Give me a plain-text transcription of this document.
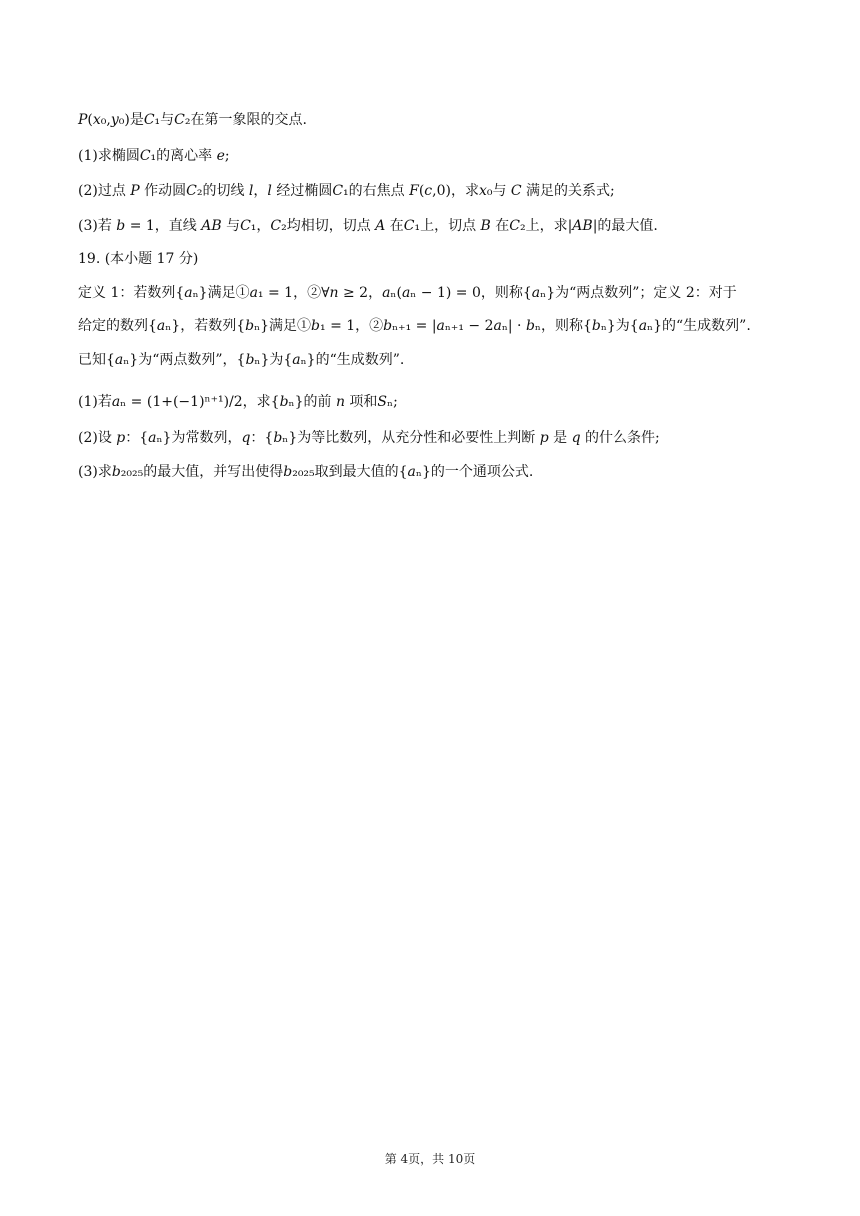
𝑃(𝑥₀,𝑦₀)是𝐶₁与𝐶₂在第一象限的交点.
(1)求椭圆𝐶₁的离心率 𝑒;
(2)过点 𝑃 作动圆𝐶₂的切线 𝑙，𝑙 经过椭圆𝐶₁的右焦点 𝐹(𝑐,0)，求𝑥₀与 𝐶 满足的关系式;
(3)若 𝑏 = 1，直线 𝐴𝐵 与𝐶₁，𝐶₂均相切，切点 𝐴 在𝐶₁上，切点 𝐵 在𝐶₂上，求|𝐴𝐵|的最大值.
19. (本小题 17 分)
定义 1：若数列{𝑎ₙ}满足①𝑎₁ = 1，②∀𝑛 ≥ 2，𝑎ₙ(𝑎ₙ − 1) = 0，则称{𝑎ₙ}为“两点数列”；定义 2：对于
给定的数列{𝑎ₙ}，若数列{𝑏ₙ}满足①𝑏₁ = 1，②𝑏ₙ₊₁ = |𝑎ₙ₊₁ − 2𝑎ₙ| · 𝑏ₙ，则称{𝑏ₙ}为{𝑎ₙ}的“生成数列”.
已知{𝑎ₙ}为“两点数列”，{𝑏ₙ}为{𝑎ₙ}的“生成数列”.
(1)若𝑎ₙ = (1+(−1)ⁿ⁺¹)/2，求{𝑏ₙ}的前 𝑛 项和𝑆ₙ;
(2)设 𝑝：{𝑎ₙ}为常数列，𝑞：{𝑏ₙ}为等比数列，从充分性和必要性上判断 𝑝 是 𝑞 的什么条件;
(3)求𝑏₂₀₂₅的最大值，并写出使得𝑏₂₀₂₅取到最大值的{𝑎ₙ}的一个通项公式.
第 4页，共 10页
